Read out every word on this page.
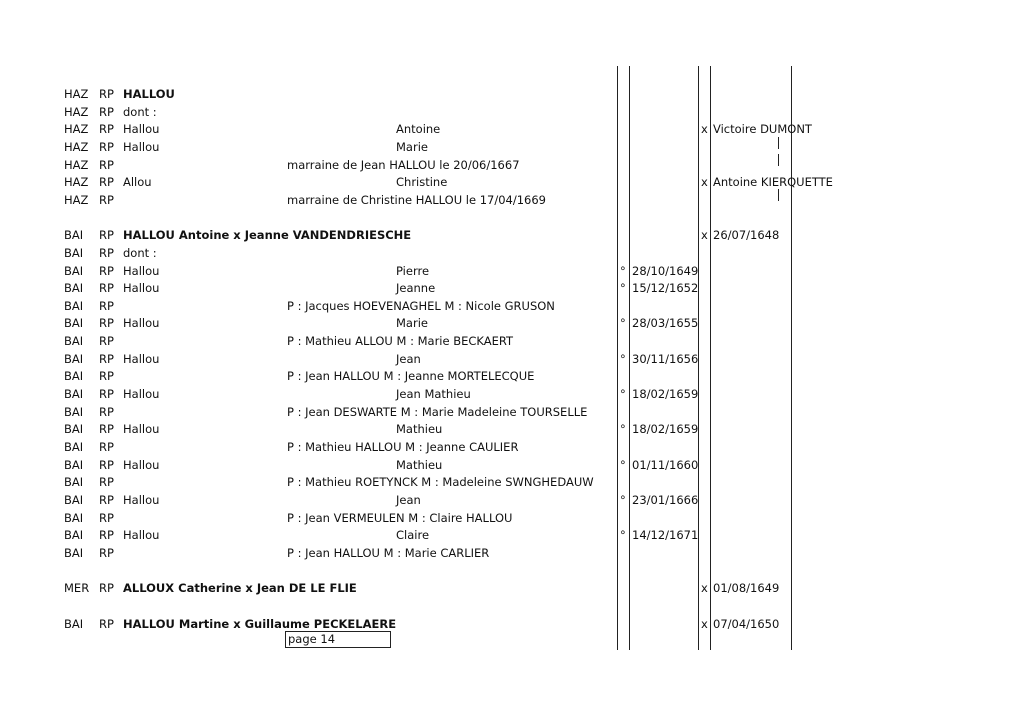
HAZ RP HALLOU
HAZ RP dont :
HAZ RP Hallou	Antoine	x Victoire DUMONT
HAZ RP Hallou	Marie
HAZ RP	marraine de Jean HALLOU le 20/06/1667
HAZ RP Allou	Christine	x Antoine KIERQUETTE
HAZ RP	marraine de Christine HALLOU le 17/04/1669
BAI RP HALLOU Antoine x Jeanne VANDENDRIESCHE	x 26/07/1648
BAI RP dont :
BAI RP Hallou	Pierre	° 28/10/1649
BAI RP Hallou	Jeanne	° 15/12/1652
BAI RP	P : Jacques HOEVENAGHEL M : Nicole GRUSON
BAI RP Hallou	Marie	° 28/03/1655
BAI RP	P : Mathieu ALLOU M : Marie BECKAERT
BAI RP Hallou	Jean	° 30/11/1656
BAI RP	P : Jean HALLOU M : Jeanne MORTELECQUE
BAI RP Hallou	Jean Mathieu	° 18/02/1659
BAI RP	P : Jean DESWARTE M : Marie Madeleine TOURSELLE
BAI RP Hallou	Mathieu	° 18/02/1659
BAI RP	P : Mathieu HALLOU M : Jeanne CAULIER
BAI RP Hallou	Mathieu	° 01/11/1660
BAI RP	P : Mathieu ROETYNCK M : Madeleine SWNGHEDAUW
BAI RP Hallou	Jean	° 23/01/1666
BAI RP	P : Jean VERMEULEN M : Claire HALLOU
BAI RP Hallou	Claire	° 14/12/1671
BAI RP	P : Jean HALLOU M : Marie CARLIER
MER RP ALLOUX Catherine x Jean DE LE FLIE	x 01/08/1649
BAI RP HALLOU Martine x Guillaume PECKELAERE	x 07/04/1650
page 14
